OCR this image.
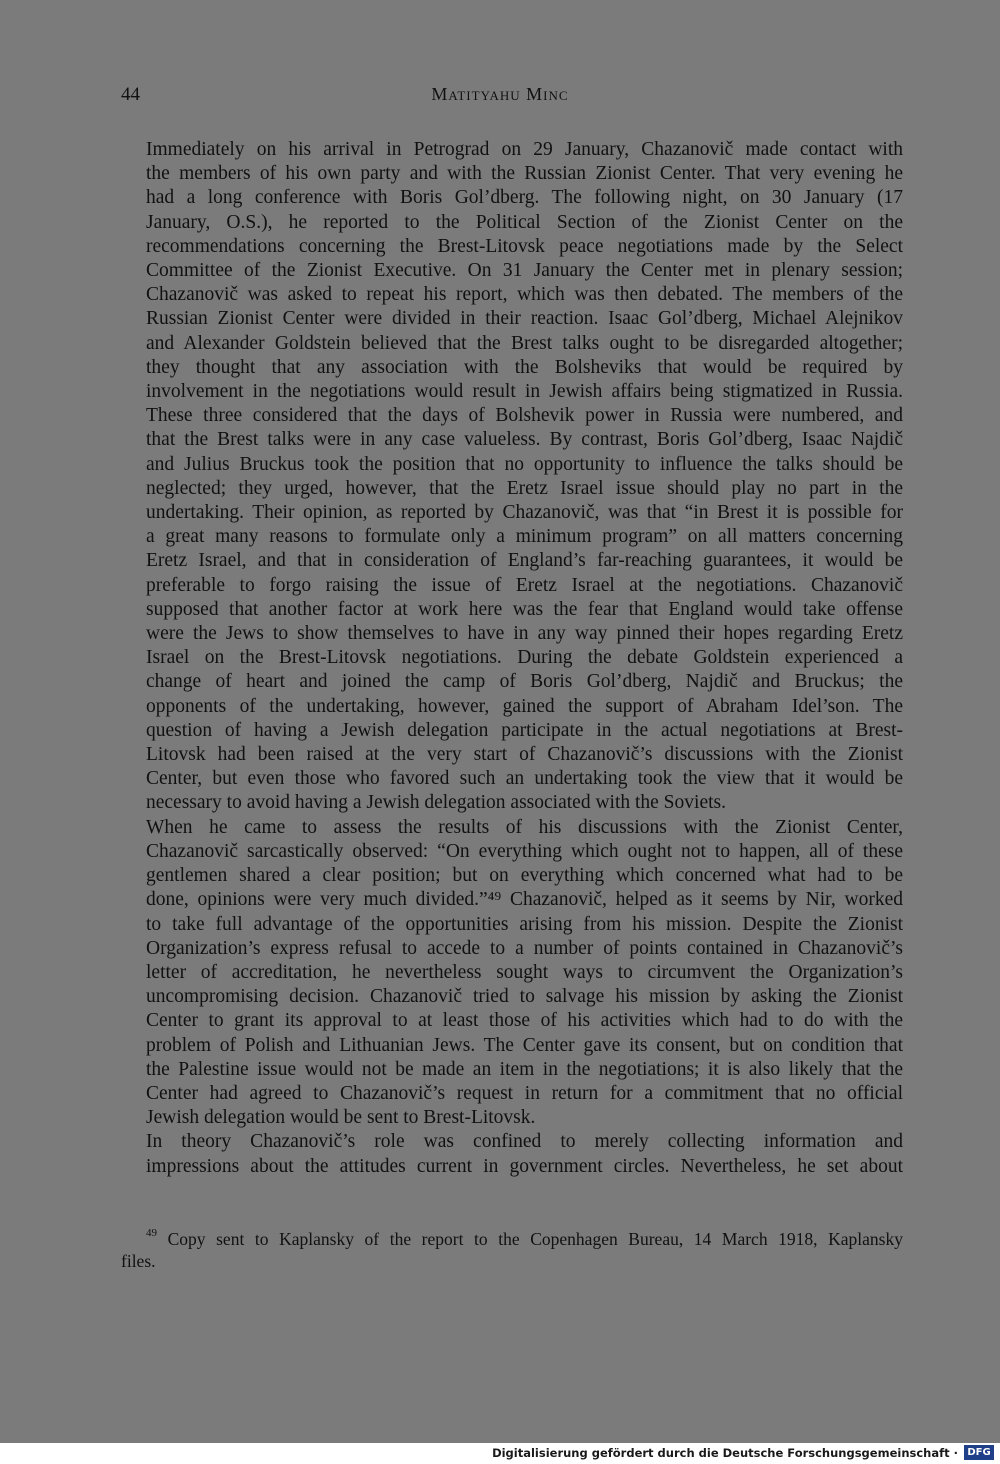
44	Matityahu Minc

Immediately on his arrival in Petrograd on 29 January, Chazanovič made contact with
the members of his own party and with the Russian Zionist Center. That very evening he
had a long conference with Boris Gol’dberg. The following night, on 30 January (17
January, O.S.), he reported to the Political Section of the Zionist Center on the
recommendations concerning the Brest-Litovsk peace negotiations made by the Select
Committee of the Zionist Executive. On 31 January the Center met in plenary session;
Chazanovič was asked to repeat his report, which was then debated. The members of the
Russian Zionist Center were divided in their reaction. Isaac Gol’dberg, Michael Alejnikov
and Alexander Goldstein believed that the Brest talks ought to be disregarded altogether;
they thought that any association with the Bolsheviks that would be required by
involvement in the negotiations would result in Jewish affairs being stigmatized in Russia.
These three considered that the days of Bolshevik power in Russia were numbered, and
that the Brest talks were in any case valueless. By contrast, Boris Gol’dberg, Isaac Najdič
and Julius Bruckus took the position that no opportunity to influence the talks should be
neglected; they urged, however, that the Eretz Israel issue should play no part in the
undertaking. Their opinion, as reported by Chazanovič, was that “in Brest it is possible for
a great many reasons to formulate only a minimum program” on all matters concerning
Eretz Israel, and that in consideration of England’s far-reaching guarantees, it would be
preferable to forgo raising the issue of Eretz Israel at the negotiations. Chazanovič
supposed that another factor at work here was the fear that England would take offense
were the Jews to show themselves to have in any way pinned their hopes regarding Eretz
Israel on the Brest-Litovsk negotiations. During the debate Goldstein experienced a
change of heart and joined the camp of Boris Gol’dberg, Najdič and Bruckus; the
opponents of the undertaking, however, gained the support of Abraham Idel’son. The
question of having a Jewish delegation participate in the actual negotiations at Brest-
Litovsk had been raised at the very start of Chazanovič’s discussions with the Zionist
Center, but even those who favored such an undertaking took the view that it would be
necessary to avoid having a Jewish delegation associated with the Soviets.

When he came to assess the results of his discussions with the Zionist Center,
Chazanovič sarcastically observed: “On everything which ought not to happen, all of these
gentlemen shared a clear position; but on everything which concerned what had to be
done, opinions were very much divided.”⁴⁹ Chazanovič, helped as it seems by Nir, worked
to take full advantage of the opportunities arising from his mission. Despite the Zionist
Organization’s express refusal to accede to a number of points contained in Chazanovič’s
letter of accreditation, he nevertheless sought ways to circumvent the Organization’s
uncompromising decision. Chazanovič tried to salvage his mission by asking the Zionist
Center to grant its approval to at least those of his activities which had to do with the
problem of Polish and Lithuanian Jews. The Center gave its consent, but on condition that
the Palestine issue would not be made an item in the negotiations; it is also likely that the
Center had agreed to Chazanovič’s request in return for a commitment that no official
Jewish delegation would be sent to Brest-Litovsk.

In theory Chazanovič’s role was confined to merely collecting information and
impressions about the attitudes current in government circles. Nevertheless, he set about

$^{49}$ Copy sent to Kaplansky of the report to the Copenhagen Bureau, 14 March 1918, Kaplansky
files.
Digitalisierung gefördert durch die Deutsche Forschungsgemeinschaft · DFG
